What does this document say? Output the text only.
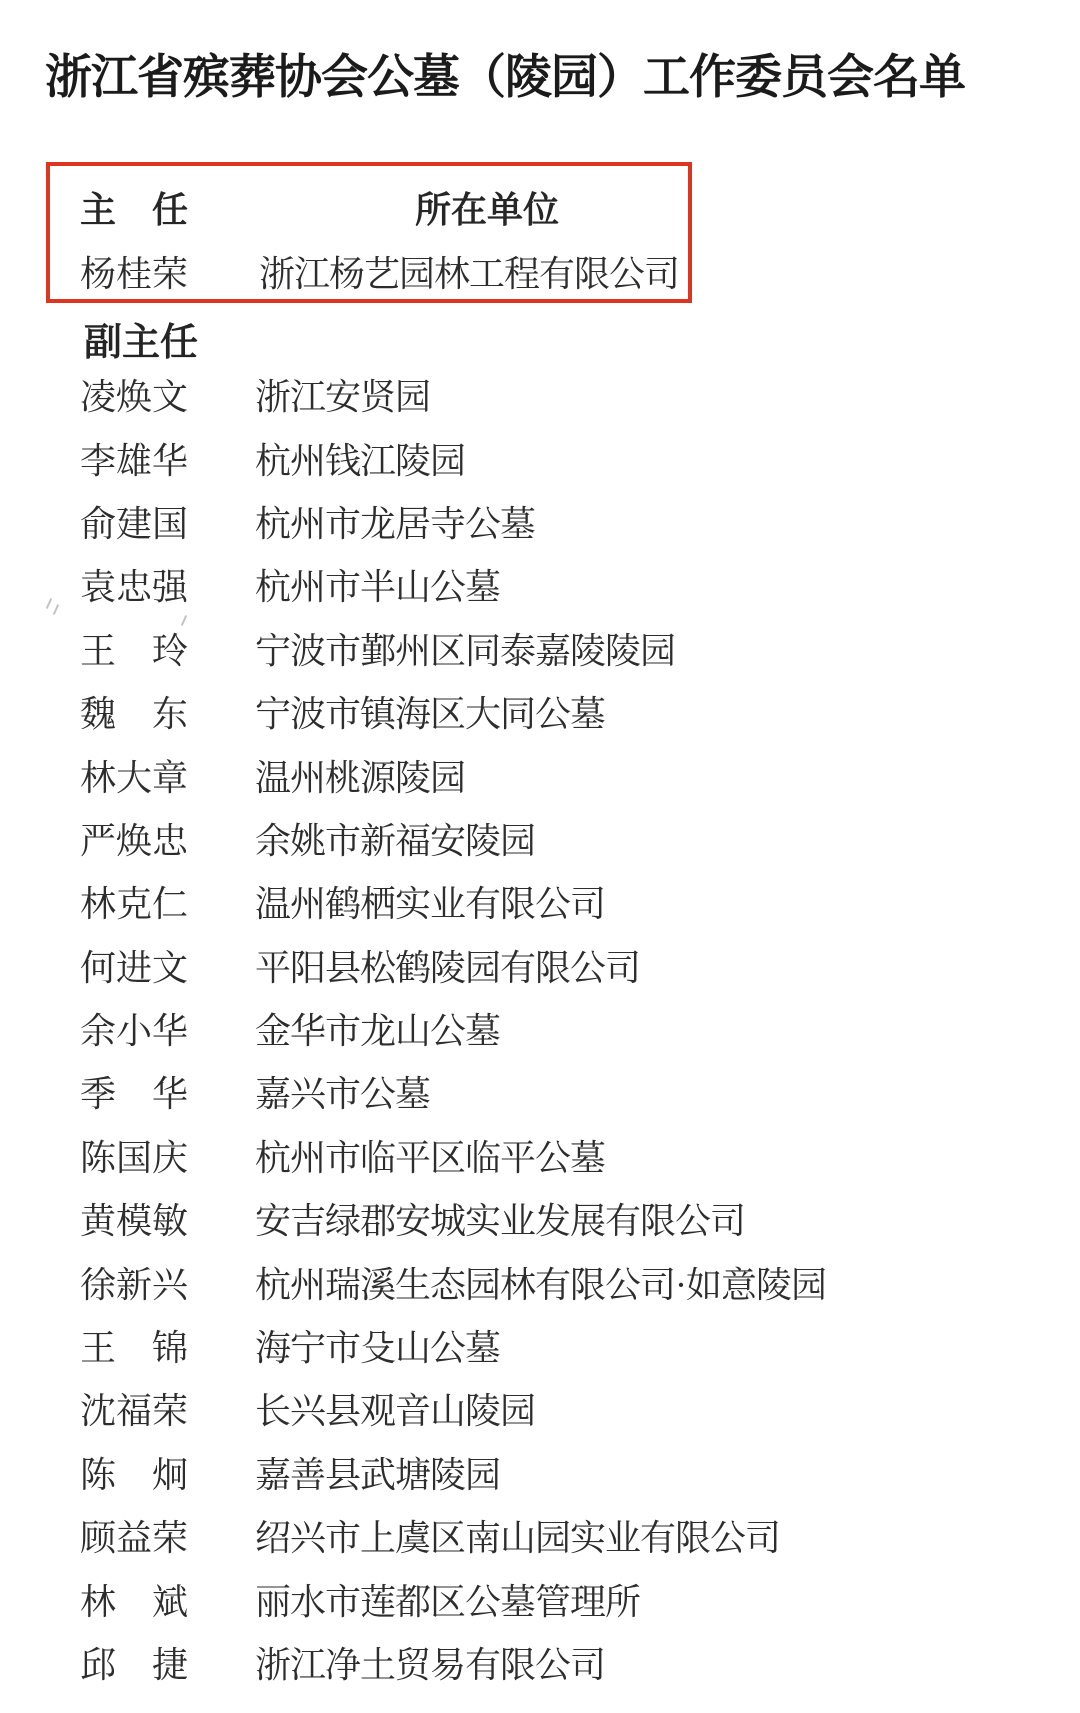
浙江省殡葬协会公墓（陵园）工作委员会名单
主　任	所在单位
杨桂荣 浙江杨艺园林工程有限公司
副主任
凌焕文	浙江安贤园
李雄华	杭州钱江陵园
俞建国	杭州市龙居寺公墓
袁忠强	杭州市半山公墓
王　玲	宁波市鄞州区同泰嘉陵陵园
魏　东	宁波市镇海区大同公墓
林大章	温州桃源陵园
严焕忠	余姚市新福安陵园
林克仁	温州鹤栖实业有限公司
何进文	平阳县松鹤陵园有限公司
余小华	金华市龙山公墓
季　华	嘉兴市公墓
陈国庆	杭州市临平区临平公墓
黄模敏	安吉绿郡安城实业发展有限公司
徐新兴	杭州瑞溪生态园林有限公司·如意陵园
王　锦	海宁市殳山公墓
沈福荣	长兴县观音山陵园
陈　炯	嘉善县武塘陵园
顾益荣	绍兴市上虞区南山园实业有限公司
林　斌	丽水市莲都区公墓管理所
邱　捷	浙江净土贸易有限公司
